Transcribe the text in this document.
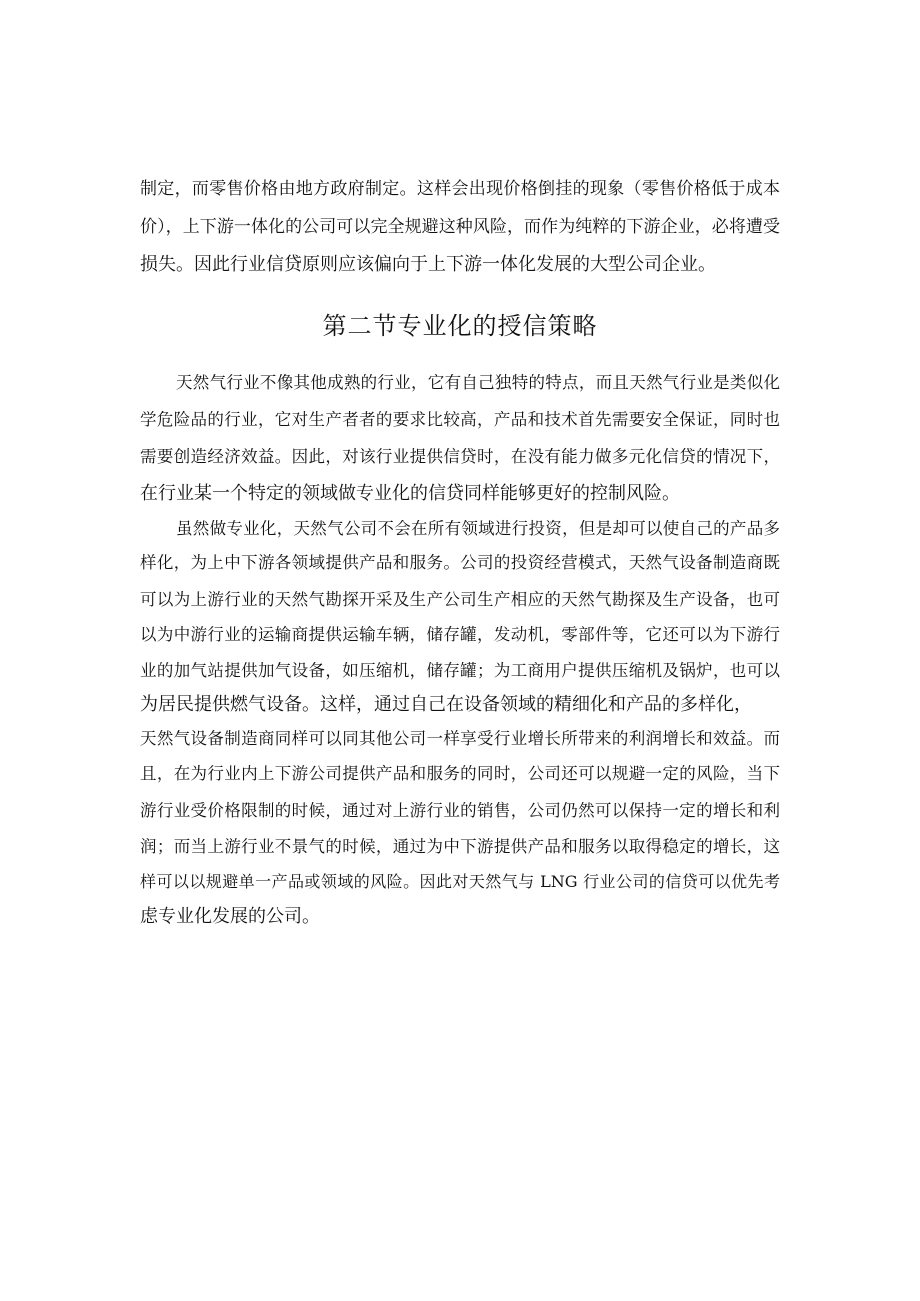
制定，而零售价格由地方政府制定。这样会出现价格倒挂的现象（零售价格低于成本
价），上下游一体化的公司可以完全规避这种风险，而作为纯粹的下游企业，必将遭受
损失。因此行业信贷原则应该偏向于上下游一体化发展的大型公司企业。
第二节专业化的授信策略
天然气行业不像其他成熟的行业，它有自己独特的特点，而且天然气行业是类似化
学危险品的行业，它对生产者者的要求比较高，产品和技术首先需要安全保证，同时也
需要创造经济效益。因此，对该行业提供信贷时，在没有能力做多元化信贷的情况下，
在行业某一个特定的领域做专业化的信贷同样能够更好的控制风险。
虽然做专业化，天然气公司不会在所有领域进行投资，但是却可以使自己的产品多
样化，为上中下游各领域提供产品和服务。公司的投资经营模式，天然气设备制造商既
可以为上游行业的天然气勘探开采及生产公司生产相应的天然气勘探及生产设备，也可
以为中游行业的运输商提供运输车辆，储存罐，发动机，零部件等，它还可以为下游行
业的加气站提供加气设备，如压缩机，储存罐；为工商用户提供压缩机及锅炉，也可以
为居民提供燃气设备。这样，通过自己在设备领域的精细化和产品的多样化，
天然气设备制造商同样可以同其他公司一样享受行业增长所带来的利润增长和效益。而
且，在为行业内上下游公司提供产品和服务的同时，公司还可以规避一定的风险，当下
游行业受价格限制的时候，通过对上游行业的销售，公司仍然可以保持一定的增长和利
润；而当上游行业不景气的时候，通过为中下游提供产品和服务以取得稳定的增长，这
样可以以规避单一产品或领域的风险。因此对天然气与 LNG 行业公司的信贷可以优先考
虑专业化发展的公司。
